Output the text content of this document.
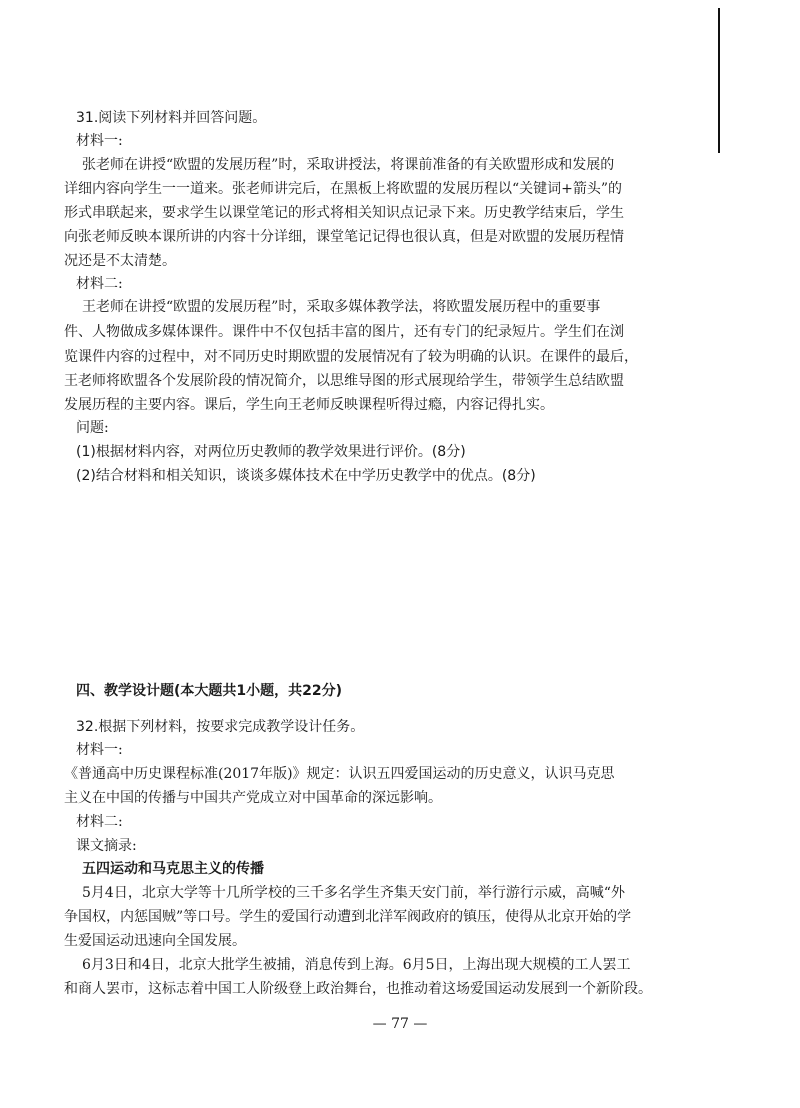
31.阅读下列材料并回答问题。
材料一:
张老师在讲授“欧盟的发展历程”时，采取讲授法，将课前准备的有关欧盟形成和发展的
详细内容向学生一一道来。张老师讲完后，在黑板上将欧盟的发展历程以“关键词+箭头”的
形式串联起来，要求学生以课堂笔记的形式将相关知识点记录下来。历史教学结束后，学生
向张老师反映本课所讲的内容十分详细，课堂笔记记得也很认真，但是对欧盟的发展历程情
况还是不太清楚。
材料二:
王老师在讲授“欧盟的发展历程”时，采取多媒体教学法，将欧盟发展历程中的重要事
件、人物做成多媒体课件。课件中不仅包括丰富的图片，还有专门的纪录短片。学生们在浏
览课件内容的过程中，对不同历史时期欧盟的发展情况有了较为明确的认识。在课件的最后，
王老师将欧盟各个发展阶段的情况简介，以思维导图的形式展现给学生，带领学生总结欧盟
发展历程的主要内容。课后，学生向王老师反映课程听得过瘾，内容记得扎实。
问题:
(1)根据材料内容，对两位历史教师的教学效果进行评价。(8分)
(2)结合材料和相关知识，谈谈多媒体技术在中学历史教学中的优点。(8分)
四、教学设计题(本大题共1小题，共22分)
32.根据下列材料，按要求完成教学设计任务。
材料一:
《普通高中历史课程标准(2017年版)》规定：认识五四爱国运动的历史意义，认识马克思
主义在中国的传播与中国共产党成立对中国革命的深远影响。
材料二:
课文摘录:
五四运动和马克思主义的传播
5月4日，北京大学等十几所学校的三千多名学生齐集天安门前，举行游行示威，高喊“外
争国权，内惩国贼”等口号。学生的爱国行动遭到北洋军阀政府的镇压，使得从北京开始的学
生爱国运动迅速向全国发展。
6月3日和4日，北京大批学生被捕，消息传到上海。6月5日，上海出现大规模的工人罢工
和商人罢市，这标志着中国工人阶级登上政治舞台，也推动着这场爱国运动发展到一个新阶段。
— 77 —
